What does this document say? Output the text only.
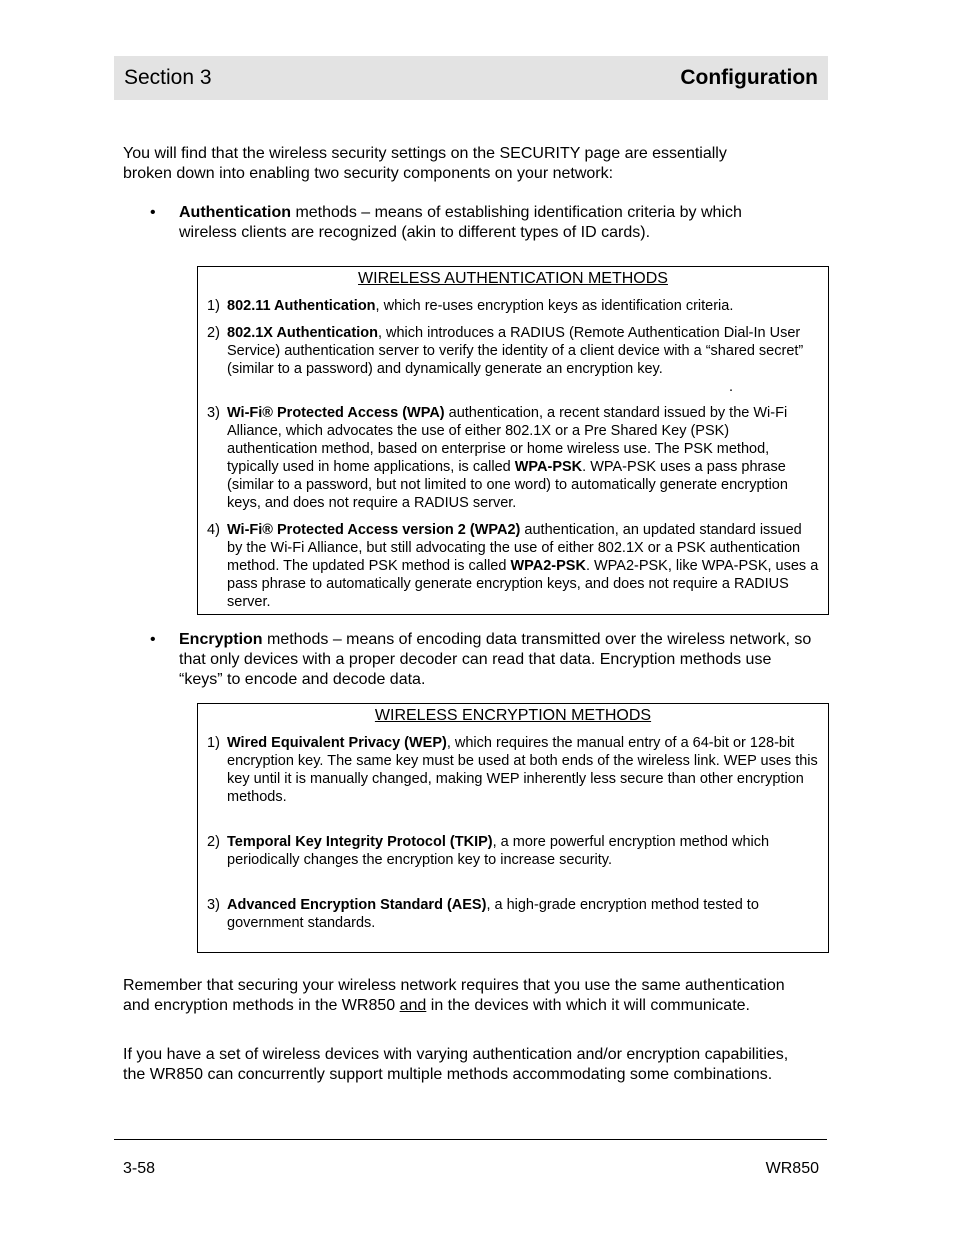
Section 3	Configuration
You will find that the wireless security settings on the SECURITY page are essentially
broken down into enabling two security components on your network:
• Authentication methods – means of establishing identification criteria by which wireless clients are recognized (akin to different types of ID cards).
WIRELESS AUTHENTICATION METHODS
1) 802.11 Authentication, which re-uses encryption keys as identification criteria.
2) 802.1X Authentication, which introduces a RADIUS (Remote Authentication Dial-In User Service) authentication server to verify the identity of a client device with a “shared secret” (similar to a password) and dynamically generate an encryption key.
.
3) Wi-Fi® Protected Access (WPA) authentication, a recent standard issued by the Wi-Fi Alliance, which advocates the use of either 802.1X or a Pre Shared Key (PSK) authentication method, based on enterprise or home wireless use. The PSK method, typically used in home applications, is called WPA-PSK. WPA-PSK uses a pass phrase (similar to a password, but not limited to one word) to automatically generate encryption keys, and does not require a RADIUS server.
4) Wi-Fi® Protected Access version 2 (WPA2) authentication, an updated standard issued by the Wi-Fi Alliance, but still advocating the use of either 802.1X or a PSK authentication method. The updated PSK method is called WPA2-PSK. WPA2-PSK, like WPA-PSK, uses a pass phrase to automatically generate encryption keys, and does not require a RADIUS server.
• Encryption methods – means of encoding data transmitted over the wireless network, so that only devices with a proper decoder can read that data. Encryption methods use “keys” to encode and decode data.
WIRELESS ENCRYPTION METHODS
1) Wired Equivalent Privacy (WEP), which requires the manual entry of a 64-bit or 128-bit encryption key. The same key must be used at both ends of the wireless link. WEP uses this key until it is manually changed, making WEP inherently less secure than other encryption methods.
2) Temporal Key Integrity Protocol (TKIP), a more powerful encryption method which periodically changes the encryption key to increase security.
3) Advanced Encryption Standard (AES), a high-grade encryption method tested to government standards.
Remember that securing your wireless network requires that you use the same authentication and encryption methods in the WR850 and in the devices with which it will communicate.
If you have a set of wireless devices with varying authentication and/or encryption capabilities, the WR850 can concurrently support multiple methods accommodating some combinations.
3-58	WR850
